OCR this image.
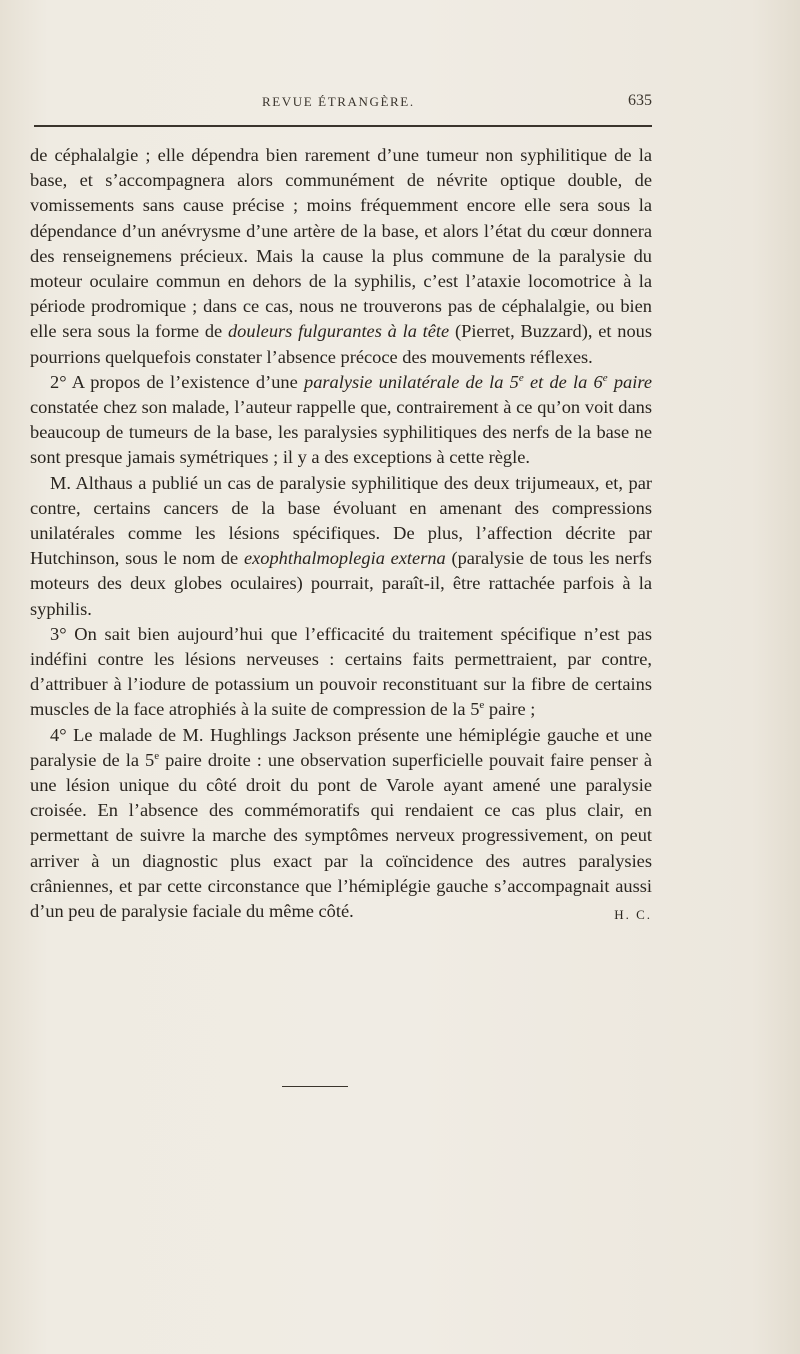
REVUE ÉTRANGÈRE.	635

de céphalalgie ; elle dépendra bien rarement d’une tumeur non syphilitique de la base, et s’accompagnera alors communément de névrite optique double, de vomissements sans cause précise ; moins fréquemment encore elle sera sous la dépendance d’un anévrysme d’une artère de la base, et alors l’état du cœur donnera des renseignemens précieux. Mais la cause la plus commune de la paralysie du moteur oculaire commun en dehors de la syphilis, c’est l’ataxie locomotrice à la période prodromique ; dans ce cas, nous ne trouverons pas de céphalalgie, ou bien elle sera sous la forme de douleurs fulgurantes à la tête (Pierret, Buzzard), et nous pourrions quelquefois constater l’absence précoce des mouvements réflexes.

2° A propos de l’existence d’une paralysie unilatérale de la 5e et de la 6e paire constatée chez son malade, l’auteur rappelle que, contrairement à ce qu’on voit dans beaucoup de tumeurs de la base, les paralysies syphilitiques des nerfs de la base ne sont presque jamais symétriques ; il y a des exceptions à cette règle.

M. Althaus a publié un cas de paralysie syphilitique des deux trijumeaux, et, par contre, certains cancers de la base évoluant en amenant des compressions unilatérales comme les lésions spécifiques. De plus, l’affection décrite par Hutchinson, sous le nom de exophthalmoplegia externa (paralysie de tous les nerfs moteurs des deux globes oculaires) pourrait, paraît-il, être rattachée parfois à la syphilis.

3° On sait bien aujourd’hui que l’efficacité du traitement spécifique n’est pas indéfini contre les lésions nerveuses : certains faits permettraient, par contre, d’attribuer à l’iodure de potassium un pouvoir reconstituant sur la fibre de certains muscles de la face atrophiés à la suite de compression de la 5e paire ;

4° Le malade de M. Hughlings Jackson présente une hémiplégie gauche et une paralysie de la 5e paire droite : une observation superficielle pouvait faire penser à une lésion unique du côté droit du pont de Varole ayant amené une paralysie croisée. En l’absence des commémoratifs qui rendaient ce cas plus clair, en permettant de suivre la marche des symptômes nerveux progressivement, on peut arriver à un diagnostic plus exact par la coïncidence des autres paralysies crâniennes, et par cette circonstance que l’hémiplégie gauche s’accompagnait aussi d’un peu de paralysie faciale du même côté.	H. C.
